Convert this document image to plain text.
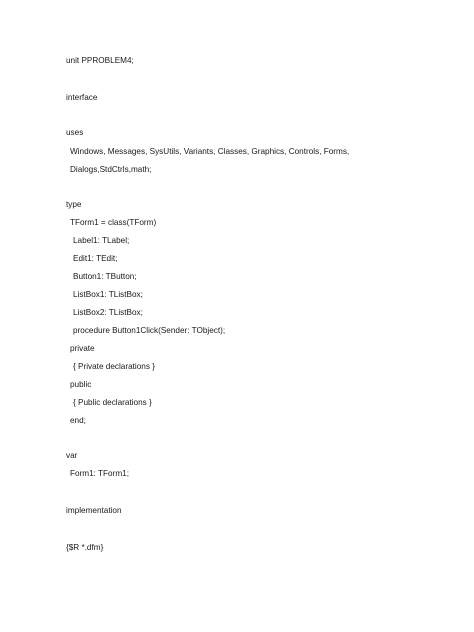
unit PPROBLEM4;
interface
uses
Windows, Messages, SysUtils, Variants, Classes, Graphics, Controls, Forms,
Dialogs,StdCtrls,math;
type
TForm1 = class(TForm)
Label1: TLabel;
Edit1: TEdit;
Button1: TButton;
ListBox1: TListBox;
ListBox2: TListBox;
procedure Button1Click(Sender: TObject);
private
{ Private declarations }
public
{ Public declarations }
end;
var
Form1: TForm1;
implementation
{$R *.dfm}
